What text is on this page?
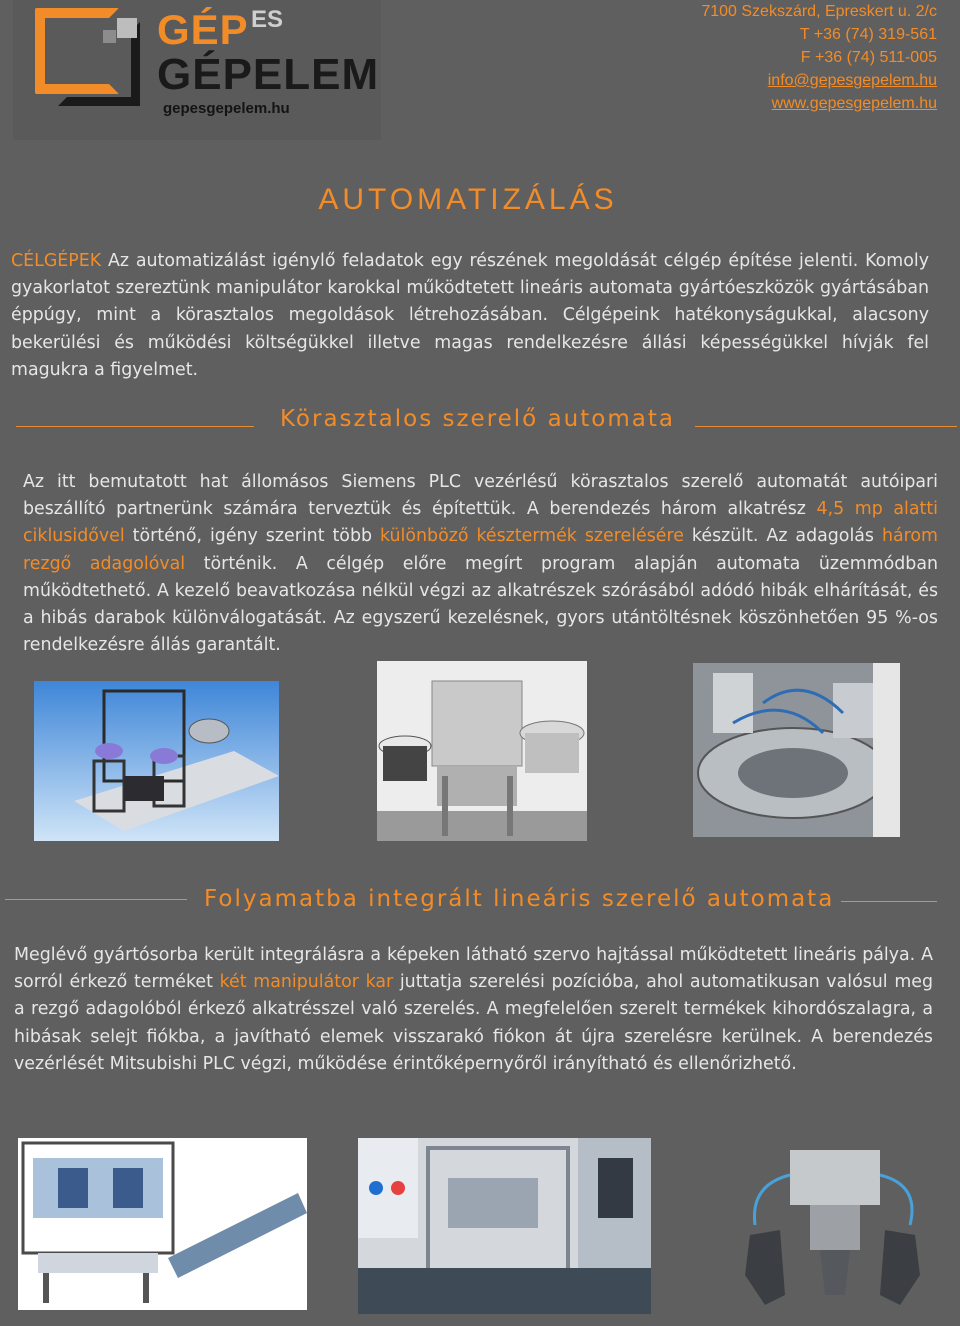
GÉP ES
GÉPELEM
gepesgepelem.hu
7100 Szekszárd, Epreskert u. 2/c
T +36 (74) 319-561
F +36 (74) 511-005
info@gepesgepelem.hu
www.gepesgepelem.hu
AUTOMATIZÁLÁS

CÉLGÉPEK Az automatizálást igénylő feladatok egy részének megoldását célgép építése jelenti. Komoly gyakorlatot szereztünk manipulátor karokkal működtetett lineáris automata gyártóeszközök gyártásában éppúgy, mint a körasztalos megoldások létrehozásában. Célgépeink hatékonyságukkal, alacsony bekerülési és működési költségükkel illetve magas rendelkezésre állási képességükkel hívják fel magukra a figyelmet.

Körasztalos szerelő automata

Az itt bemutatott hat állomásos Siemens PLC vezérlésű körasztalos szerelő automatát autóipari beszállító partnerünk számára terveztük és építettük. A berendezés három alkatrész 4,5 mp alatti ciklusidővel történő, igény szerint több különböző késztermék szerelésére készült. Az adagolás három rezgő adagolóval történik. A célgép előre megírt program alapján automata üzemmódban működtethető. A kezelő beavatkozása nélkül végzi az alkatrészek szórásából adódó hibák elhárítását, és a hibás darabok különválogatását. Az egyszerű kezelésnek, gyors utántöltésnek köszönhetően 95 %-os rendelkezésre állás garantált.

Folyamatba integrált lineáris szerelő automata

Meglévő gyártósorba került integrálásra a képeken látható szervo hajtással működtetett lineáris pálya. A sorról érkező terméket két manipulátor kar juttatja szerelési pozícióba, ahol automatikusan valósul meg a rezgő adagolóból érkező alkatrésszel való szerelés. A megfelelően szerelt termékek kihordószalagra, a hibásak selejt fiókba, a javítható elemek visszarakó fiókon át újra szerelésre kerülnek. A berendezés vezérlését Mitsubishi PLC végzi, működése érintőképernyőről irányítható és ellenőrizhető.
